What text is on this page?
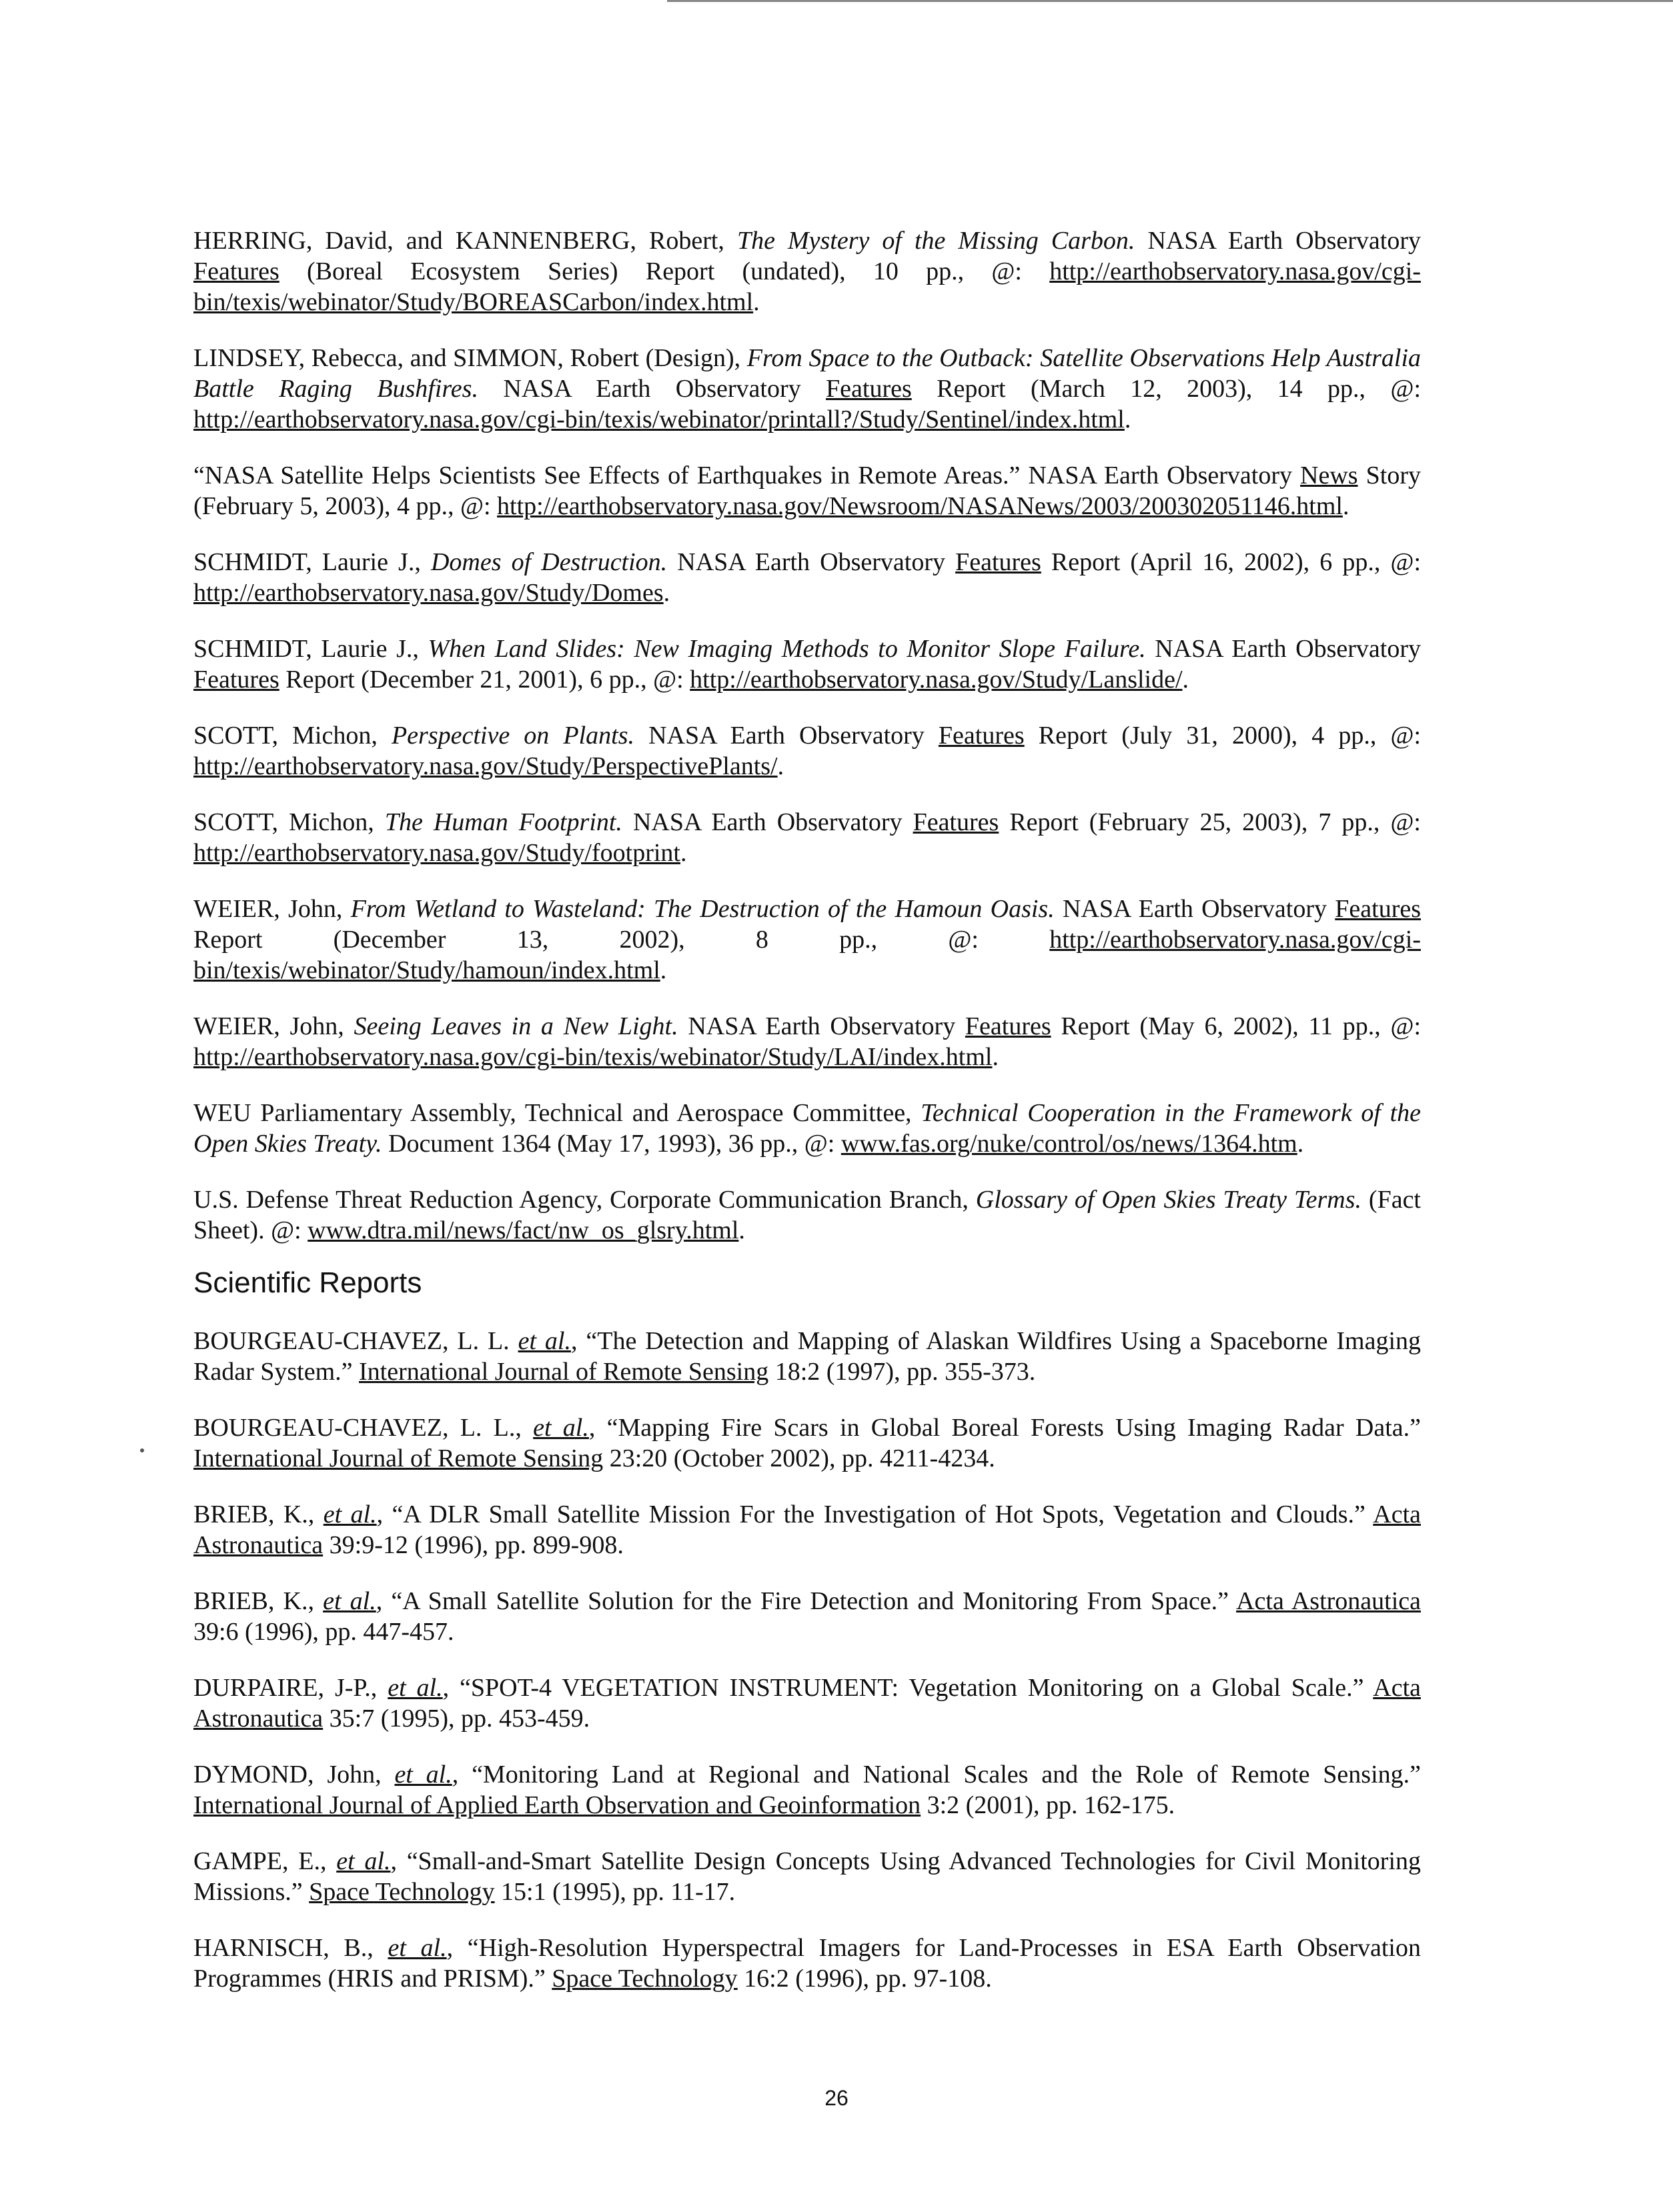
HERRING, David, and KANNENBERG, Robert, The Mystery of the Missing Carbon. NASA Earth Observatory Features (Boreal Ecosystem Series) Report (undated), 10 pp., @: http://earthobservatory.nasa.gov/cgi-bin/texis/webinator/Study/BOREASCarbon/index.html.

LINDSEY, Rebecca, and SIMMON, Robert (Design), From Space to the Outback: Satellite Observations Help Australia Battle Raging Bushfires. NASA Earth Observatory Features Report (March 12, 2003), 14 pp., @: http://earthobservatory.nasa.gov/cgi-bin/texis/webinator/printall?/Study/Sentinel/index.html.

“NASA Satellite Helps Scientists See Effects of Earthquakes in Remote Areas.” NASA Earth Observatory News Story (February 5, 2003), 4 pp., @: http://earthobservatory.nasa.gov/Newsroom/NASANews/2003/200302051146.html.

SCHMIDT, Laurie J., Domes of Destruction. NASA Earth Observatory Features Report (April 16, 2002), 6 pp., @: http://earthobservatory.nasa.gov/Study/Domes.

SCHMIDT, Laurie J., When Land Slides: New Imaging Methods to Monitor Slope Failure. NASA Earth Observatory Features Report (December 21, 2001), 6 pp., @: http://earthobservatory.nasa.gov/Study/Lanslide/.

SCOTT, Michon, Perspective on Plants. NASA Earth Observatory Features Report (July 31, 2000), 4 pp., @: http://earthobservatory.nasa.gov/Study/PerspectivePlants/.

SCOTT, Michon, The Human Footprint. NASA Earth Observatory Features Report (February 25, 2003), 7 pp., @: http://earthobservatory.nasa.gov/Study/footprint.

WEIER, John, From Wetland to Wasteland: The Destruction of the Hamoun Oasis. NASA Earth Observatory Features Report (December 13, 2002), 8 pp., @: http://earthobservatory.nasa.gov/cgi-bin/texis/webinator/Study/hamoun/index.html.

WEIER, John, Seeing Leaves in a New Light. NASA Earth Observatory Features Report (May 6, 2002), 11 pp., @: http://earthobservatory.nasa.gov/cgi-bin/texis/webinator/Study/LAI/index.html.

WEU Parliamentary Assembly, Technical and Aerospace Committee, Technical Cooperation in the Framework of the Open Skies Treaty. Document 1364 (May 17, 1993), 36 pp., @: www.fas.org/nuke/control/os/news/1364.htm.

U.S. Defense Threat Reduction Agency, Corporate Communication Branch, Glossary of Open Skies Treaty Terms. (Fact Sheet). @: www.dtra.mil/news/fact/nw_os_glsry.html.

Scientific Reports

BOURGEAU-CHAVEZ, L. L. et al., “The Detection and Mapping of Alaskan Wildfires Using a Spaceborne Imaging Radar System.” International Journal of Remote Sensing 18:2 (1997), pp. 355-373.

BOURGEAU-CHAVEZ, L. L., et al., “Mapping Fire Scars in Global Boreal Forests Using Imaging Radar Data.” International Journal of Remote Sensing 23:20 (October 2002), pp. 4211-4234.

BRIEB, K., et al., “A DLR Small Satellite Mission For the Investigation of Hot Spots, Vegetation and Clouds.” Acta Astronautica 39:9-12 (1996), pp. 899-908.

BRIEB, K., et al., “A Small Satellite Solution for the Fire Detection and Monitoring From Space.” Acta Astronautica 39:6 (1996), pp. 447-457.

DURPAIRE, J-P., et al., “SPOT-4 VEGETATION INSTRUMENT: Vegetation Monitoring on a Global Scale.” Acta Astronautica 35:7 (1995), pp. 453-459.

DYMOND, John, et al., “Monitoring Land at Regional and National Scales and the Role of Remote Sensing.” International Journal of Applied Earth Observation and Geoinformation 3:2 (2001), pp. 162-175.

GAMPE, E., et al., “Small-and-Smart Satellite Design Concepts Using Advanced Technologies for Civil Monitoring Missions.” Space Technology 15:1 (1995), pp. 11-17.

HARNISCH, B., et al., “High-Resolution Hyperspectral Imagers for Land-Processes in ESA Earth Observation Programmes (HRIS and PRISM).” Space Technology 16:2 (1996), pp. 97-108.

26
